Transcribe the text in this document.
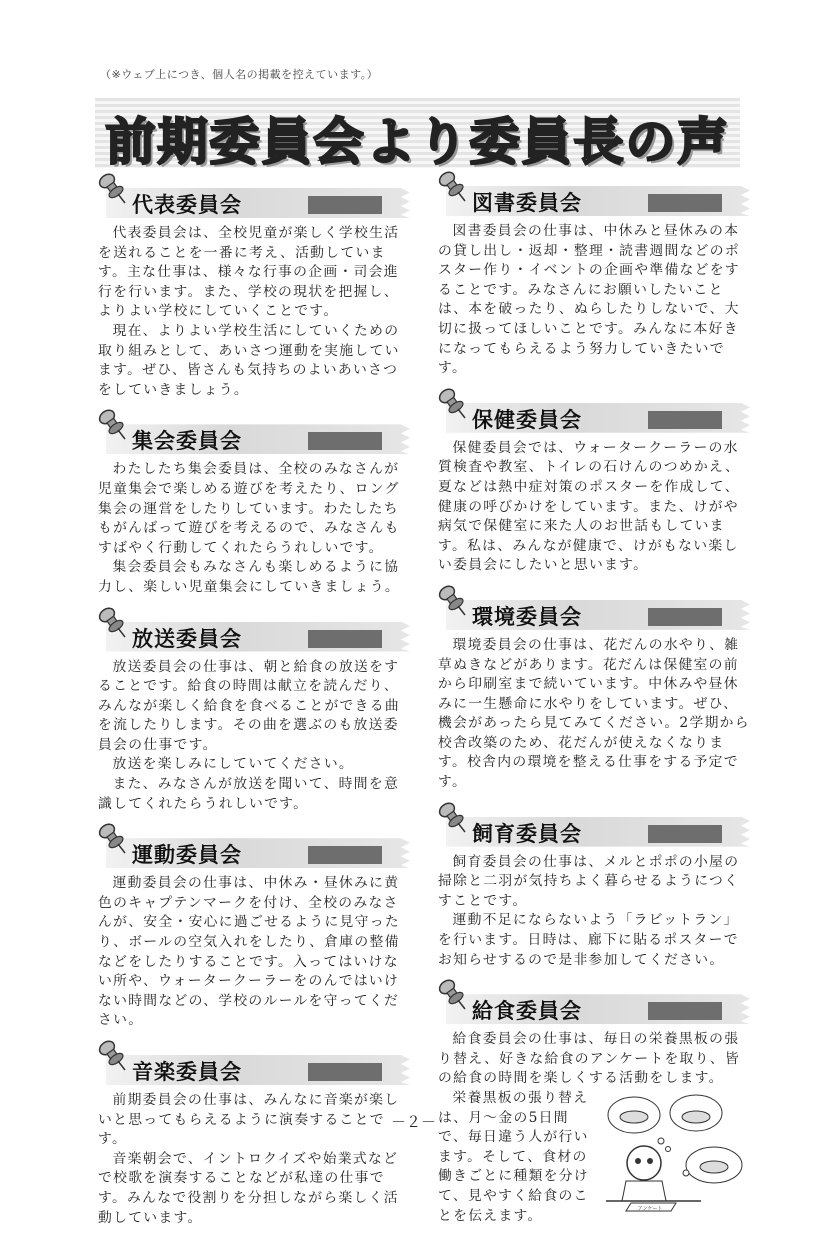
（※ウェブ上につき、個人名の掲載を控えています。）
前期委員会より委員長の声
代表委員会

代表委員会は、全校児童が楽しく学校生活を送れることを一番に考え、活動しています。主な仕事は、様々な行事の企画・司会進行を行います。また、学校の現状を把握し、よりよい学校にしていくことです。

現在、よりよい学校生活にしていくための取り組みとして、あいさつ運動を実施しています。ぜひ、皆さんも気持ちのよいあいさつをしていきましょう。

集会委員会

わたしたち集会委員は、全校のみなさんが児童集会で楽しめる遊びを考えたり、ロング集会の運営をしたりしています。わたしたちもがんばって遊びを考えるので、みなさんもすばやく行動してくれたらうれしいです。

集会委員会もみなさんも楽しめるように協力し、楽しい児童集会にしていきましょう。

放送委員会

放送委員会の仕事は、朝と給食の放送をすることです。給食の時間は献立を読んだり、みんなが楽しく給食を食べることができる曲を流したりします。その曲を選ぶのも放送委員会の仕事です。

放送を楽しみにしていてください。

また、みなさんが放送を聞いて、時間を意識してくれたらうれしいです。

運動委員会

運動委員会の仕事は、中休み・昼休みに黄色のキャプテンマークを付け、全校のみなさんが、安全・安心に過ごせるように見守ったり、ボールの空気入れをしたり、倉庫の整備などをしたりすることです。入ってはいけない所や、ウォータークーラーをのんではいけない時間などの、学校のルールを守ってください。

音楽委員会

前期委員会の仕事は、みんなに音楽が楽しいと思ってもらえるように演奏することです。

音楽朝会で、イントロクイズや始業式などで校歌を演奏することなどが私達の仕事です。みんなで役割りを分担しながら楽しく活動しています。

図書委員会

図書委員会の仕事は、中休みと昼休みの本の貸し出し・返却・整理・読書週間などのポスター作り・イベントの企画や準備などをすることです。みなさんにお願いしたいことは、本を破ったり、ぬらしたりしないで、大切に扱ってほしいことです。みんなに本好きになってもらえるよう努力していきたいです。

保健委員会

保健委員会では、ウォータークーラーの水質検査や教室、トイレの石けんのつめかえ、夏などは熱中症対策のポスターを作成して、健康の呼びかけをしています。また、けがや病気で保健室に来た人のお世話もしています。私は、みんなが健康で、けがもない楽しい委員会にしたいと思います。

環境委員会

環境委員会の仕事は、花だんの水やり、雑草ぬきなどがあります。花だんは保健室の前から印刷室まで続いています。中休みや昼休みに一生懸命に水やりをしています。ぜひ、機会があったら見てみてください。2学期から校舎改築のため、花だんが使えなくなります。校舎内の環境を整える仕事をする予定です。

飼育委員会

飼育委員会の仕事は、メルとポポの小屋の掃除と二羽が気持ちよく暮らせるようにつくすことです。

運動不足にならないよう「ラビットラン」を行います。日時は、廊下に貼るポスターでお知らせするので是非参加してください。

給食委員会

給食委員会の仕事は、毎日の栄養黒板の張り替え、好きな給食のアンケートを取り、皆の給食の時間を楽しくする活動をします。

栄養黒板の張り替えは、月～金の5日間で、毎日違う人が行います。そして、食材の働きごとに種類を分けて、見やすく給食のことを伝えます。	アンケート
－２－
